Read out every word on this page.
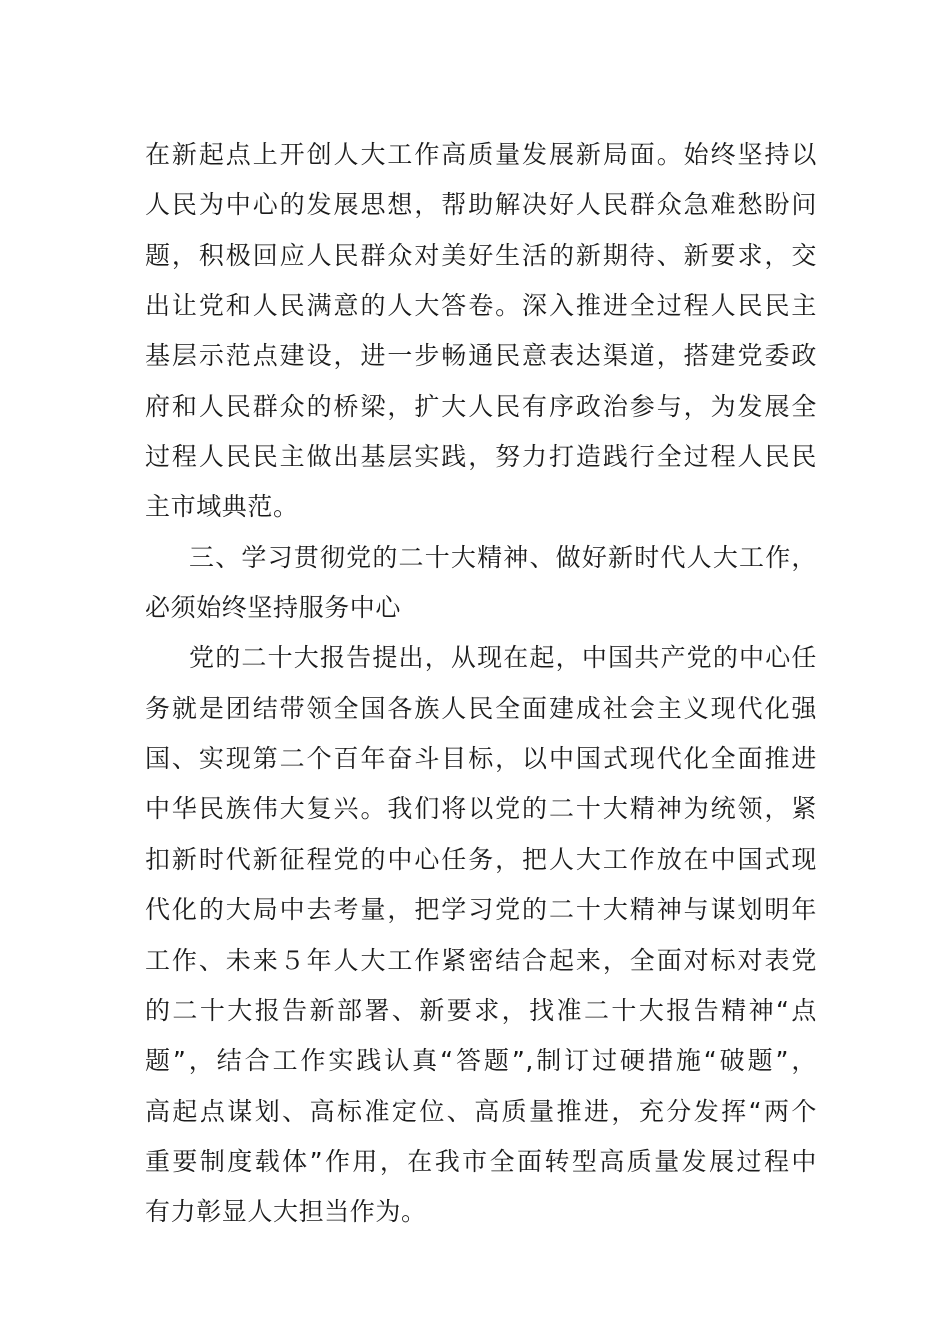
在新起点上开创人大工作高质量发展新局面。始终坚持以
人民为中心的发展思想，帮助解决好人民群众急难愁盼问
题，积极回应人民群众对美好生活的新期待、新要求，交
出让党和人民满意的人大答卷。深入推进全过程人民民主
基层示范点建设，进一步畅通民意表达渠道，搭建党委政
府和人民群众的桥梁，扩大人民有序政治参与，为发展全
过程人民民主做出基层实践，努力打造践行全过程人民民
主市域典范。
三、学习贯彻党的二十大精神、做好新时代人大工作，
必须始终坚持服务中心
党的二十大报告提出，从现在起，中国共产党的中心任
务就是团结带领全国各族人民全面建成社会主义现代化强
国、实现第二个百年奋斗目标，以中国式现代化全面推进
中华民族伟大复兴。我们将以党的二十大精神为统领，紧
扣新时代新征程党的中心任务，把人大工作放在中国式现
代化的大局中去考量，把学习党的二十大精神与谋划明年
工作、未来５年人大工作紧密结合起来，全面对标对表党
的二十大报告新部署、新要求，找准二十大报告精神“点
题”，结合工作实践认真“答题”,制订过硬措施“破题”，
高起点谋划、高标准定位、高质量推进，充分发挥“两个
重要制度载体”作用，在我市全面转型高质量发展过程中
有力彰显人大担当作为。
